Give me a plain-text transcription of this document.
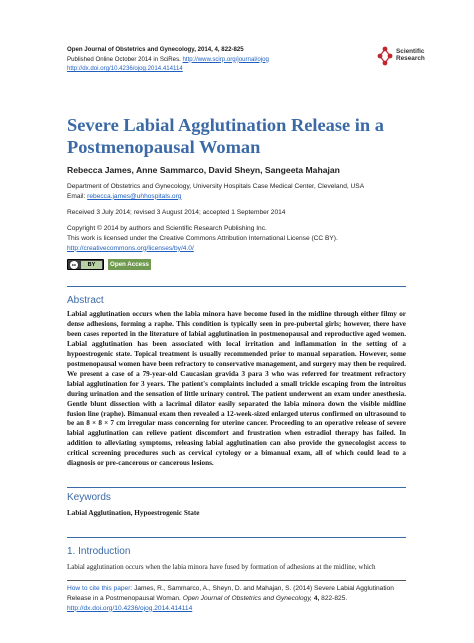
Open Journal of Obstetrics and Gynecology, 2014, 4, 822-825
Published Online October 2014 in SciRes. http://www.scirp.org/journal/ojog
http://dx.doi.org/10.4236/ojog.2014.414114
Scientific
Research
Severe Labial Agglutination Release in a Postmenopausal Woman
Rebecca James, Anne Sammarco, David Sheyn, Sangeeta Mahajan
Department of Obstetrics and Gynecology, University Hospitals Case Medical Center, Cleveland, USA
Email: rebecca.james@uhhospitals.org
Received 3 July 2014; revised 3 August 2014; accepted 1 September 2014
Copyright © 2014 by authors and Scientific Research Publishing Inc.
This work is licensed under the Creative Commons Attribution International License (CC BY).
http://creativecommons.org/licenses/by/4.0/
cc	BY	Open Access
Abstract
Labial agglutination occurs when the labia minora have become fused in the midline through either filmy or dense adhesions, forming a raphe. This condition is typically seen in pre-pubertal girls; however, there have been cases reported in the literature of labial agglutination in postmenopausal and reproductive aged women. Labial agglutination has been associated with local irritation and inflammation in the setting of a hypoestrogenic state. Topical treatment is usually recommended prior to manual separation. However, some postmenopausal women have been refractory to conservative management, and surgery may then be required. We present a case of a 79-year-old Caucasian gravida 3 para 3 who was referred for treatment refractory labial agglutination for 3 years. The patient's complaints included a small trickle escaping from the introitus during urination and the sensation of little urinary control. The patient underwent an exam under anesthesia. Gentle blunt dissection with a lacrimal dilator easily separated the labia minora down the visible midline fusion line (raphe). Bimanual exam then revealed a 12-week-sized enlarged uterus confirmed on ultrasound to be an 8 × 8 × 7 cm irregular mass concerning for uterine cancer. Proceeding to an operative release of severe labial agglutination can relieve patient discomfort and frustration when estradiol therapy has failed. In addition to alleviating symptoms, releasing labial agglutination can also provide the gynecologist access to critical screening procedures such as cervical cytology or a bimanual exam, all of which could lead to a diagnosis or pre-cancerous or cancerous lesions.
Keywords
Labial Agglutination, Hypoestrogenic State
1. Introduction
Labial agglutination occurs when the labia minora have fused by formation of adhesions at the midline, which
How to cite this paper: James, R., Sammarco, A., Sheyn, D. and Mahajan, S. (2014) Severe Labial Agglutination Release in a Postmenopausal Woman. Open Journal of Obstetrics and Gynecology, 4, 822-825.
http://dx.doi.org/10.4236/ojog.2014.414114
